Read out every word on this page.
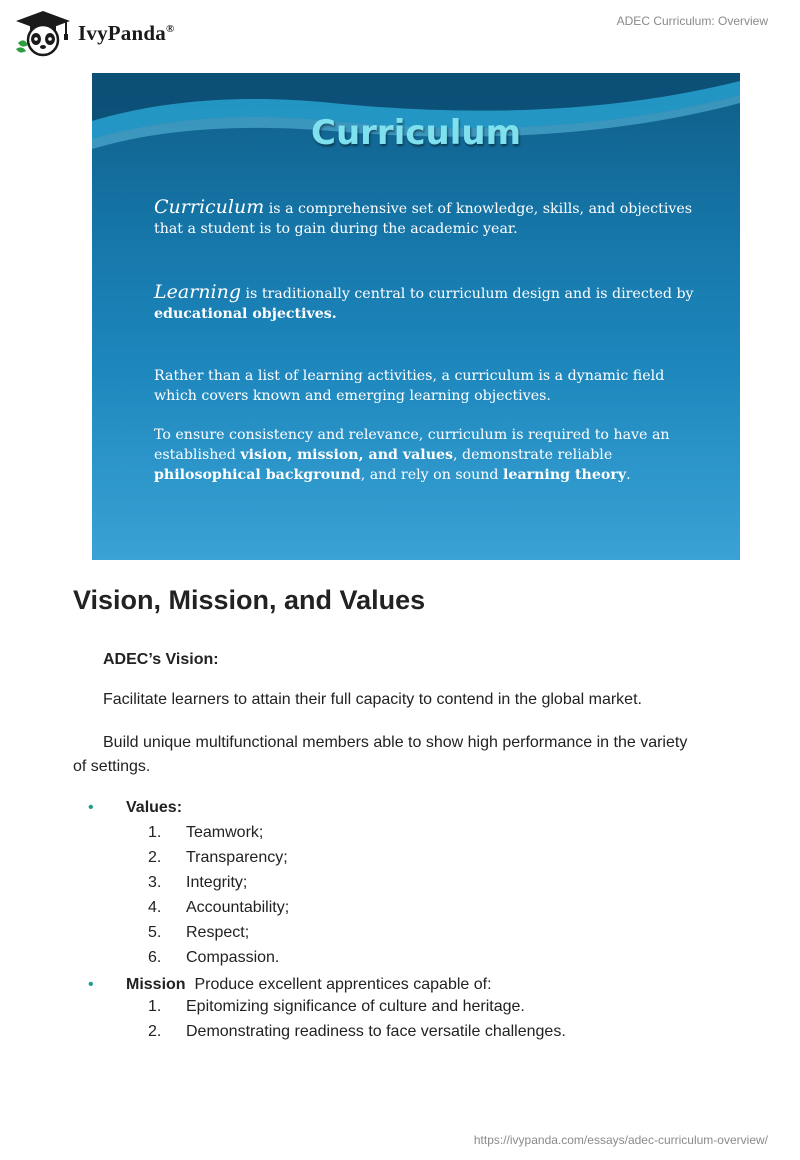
IvyPanda®
ADEC Curriculum: Overview
Curriculum
Curriculum is a comprehensive set of knowledge, skills, and objectives
that a student is to gain during the academic year.
Learning is traditionally central to curriculum design and is directed by
educational objectives.
Rather than a list of learning activities, a curriculum is a dynamic field
which covers known and emerging learning objectives.
To ensure consistency and relevance, curriculum is required to have an
established vision, mission, and values, demonstrate reliable
philosophical background, and rely on sound learning theory.
Vision, Mission, and Values

ADEC’s Vision:

Facilitate learners to attain their full capacity to contend in the global market.

Build unique multifunctional members able to show high performance in the variety

of settings.

• Values:
1. Teamwork;
2. Transparency;
3. Integrity;
4. Accountability;
5. Respect;
6. Compassion.
• Mission  Produce excellent apprentices capable of:
1. Epitomizing significance of culture and heritage.
2. Demonstrating readiness to face versatile challenges.
https://ivypanda.com/essays/adec-curriculum-overview/
